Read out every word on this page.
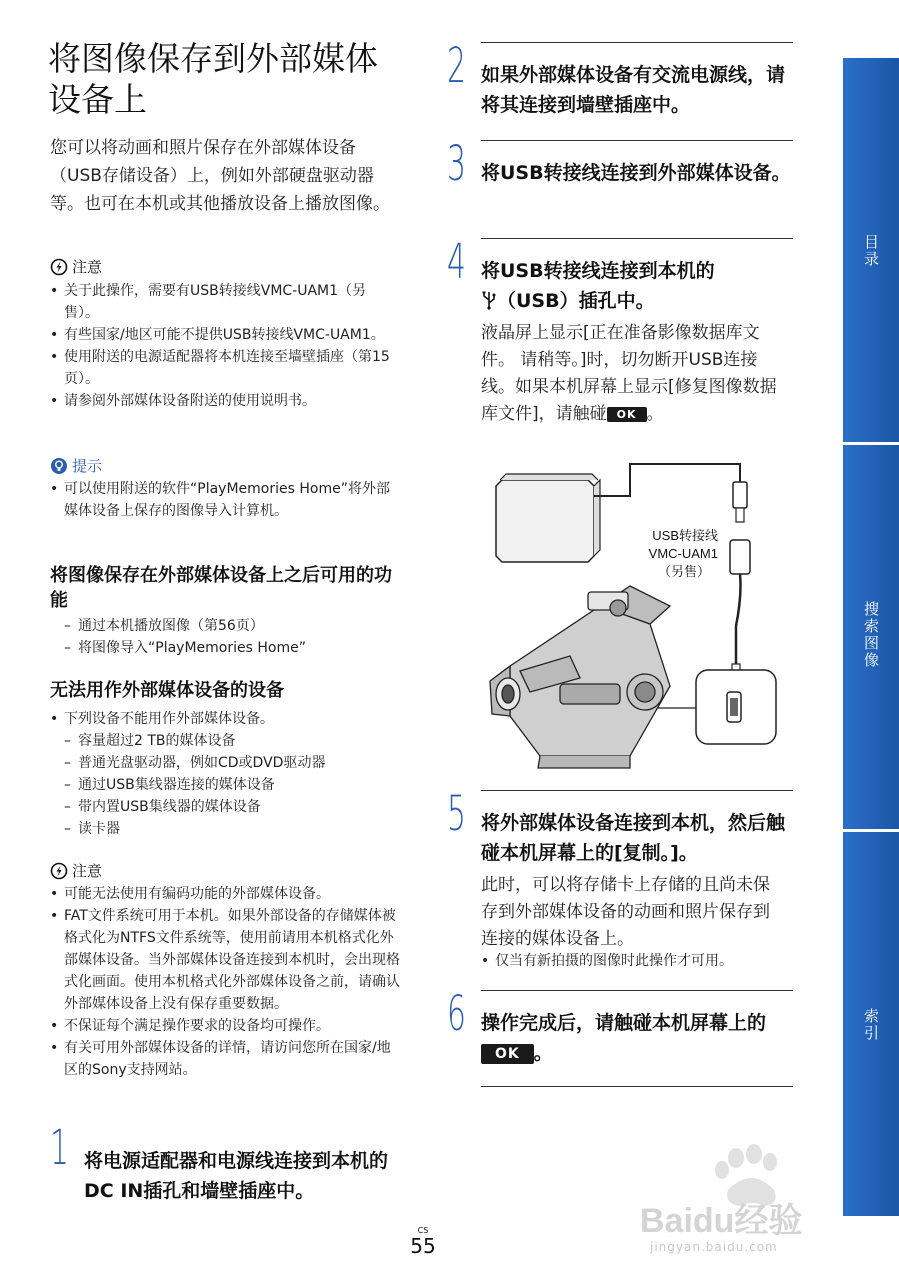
将图像保存到外部媒体设备上

您可以将动画和照片保存在外部媒体设备（USB存储设备）上，例如外部硬盘驱动器等。也可在本机或其他播放设备上播放图像。

注意
• 关于此操作，需要有USB转接线VMC-UAM1（另售）。
• 有些国家/地区可能不提供USB转接线VMC-UAM1。
• 使用附送的电源适配器将本机连接至墙壁插座（第15页）。
• 请参阅外部媒体设备附送的使用说明书。
提示
• 可以使用附送的软件“PlayMemories Home”将外部媒体设备上保存的图像导入计算机。
将图像保存在外部媒体设备上之后可用的功能
– 通过本机播放图像（第56页）
– 将图像导入“PlayMemories Home”
无法用作外部媒体设备的设备
• 下列设备不能用作外部媒体设备。
– 容量超过2 TB的媒体设备
– 普通光盘驱动器，例如CD或DVD驱动器
– 通过USB集线器连接的媒体设备
– 带内置USB集线器的媒体设备
– 读卡器
注意
• 可能无法使用有编码功能的外部媒体设备。
• FAT文件系统可用于本机。如果外部设备的存储媒体被格式化为NTFS文件系统等，使用前请用本机格式化外部媒体设备。当外部媒体设备连接到本机时，会出现格式化画面。使用本机格式化外部媒体设备之前，请确认外部媒体设备上没有保存重要数据。
• 不保证每个满足操作要求的设备均可操作。
• 有关可用外部媒体设备的详情，请访问您所在国家/地区的Sony支持网站。
1 将电源适配器和电源线连接到本机的DC IN插孔和墙壁插座中。

2 如果外部媒体设备有交流电源线，请将其连接到墙壁插座中。

3 将USB转接线连接到外部媒体设备。

4 将USB转接线连接到本机的
（USB）插孔中。

液晶屏上显示[正在准备影像数据库文件。 请稍等。]时，切勿断开USB连接线。如果本机屏幕上显示[修复图像数据库文件]，请触碰 OK 。

USB转接线
VMC-UAM1
（另售）
5 将外部媒体设备连接到本机，然后触碰本机屏幕上的[复制。]。

此时，可以将存储卡上存储的且尚未保存到外部媒体设备的动画和照片保存到连接的媒体设备上。

• 仅当有新拍摄的图像时此操作才可用。
6 操作完成后，请触碰本机屏幕上的OK 。

目录
搜索图像
索引
CS
55
Baidu经验
jingyan.baidu.com
